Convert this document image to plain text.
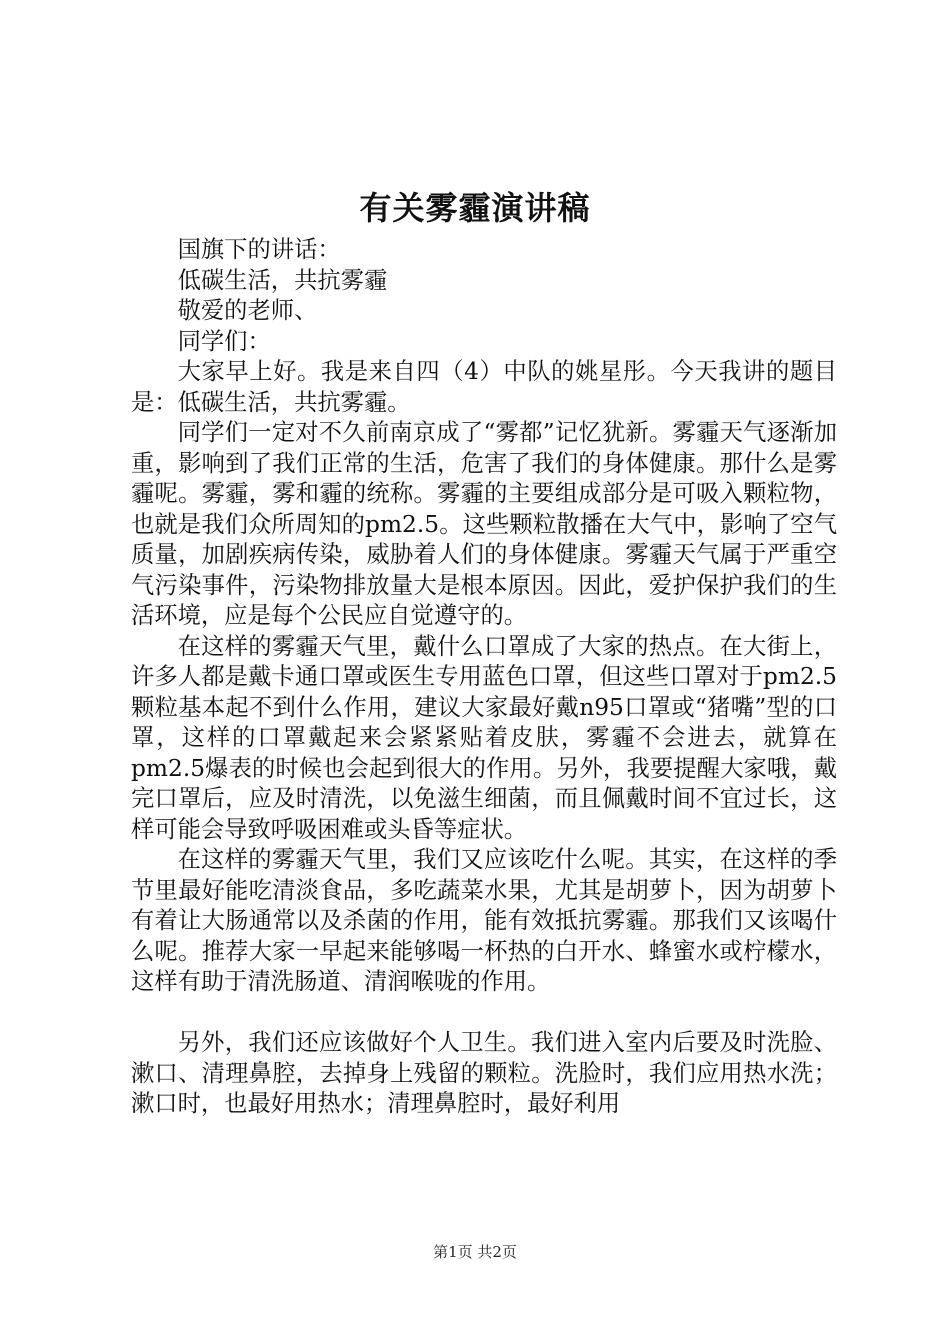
有关雾霾演讲稿

国旗下的讲话：

低碳生活，共抗雾霾

敬爱的老师、

同学们：

大家早上好。我是来自四（4）中队的姚星彤。今天我讲的题目是：低碳生活，共抗雾霾。

同学们一定对不久前南京成了“雾都”记忆犹新。雾霾天气逐渐加重，影响到了我们正常的生活，危害了我们的身体健康。那什么是雾霾呢。雾霾，雾和霾的统称。雾霾的主要组成部分是可吸入颗粒物，也就是我们众所周知的pm2.5。这些颗粒散播在大气中，影响了空气质量，加剧疾病传染，威胁着人们的身体健康。雾霾天气属于严重空气污染事件，污染物排放量大是根本原因。因此，爱护保护我们的生活环境，应是每个公民应自觉遵守的。

在这样的雾霾天气里，戴什么口罩成了大家的热点。在大街上，许多人都是戴卡通口罩或医生专用蓝色口罩，但这些口罩对于pm2.5颗粒基本起不到什么作用，建议大家最好戴n95口罩或“猪嘴”型的口罩，这样的口罩戴起来会紧紧贴着皮肤，雾霾不会进去，就算在pm2.5爆表的时候也会起到很大的作用。另外，我要提醒大家哦，戴完口罩后，应及时清洗，以免滋生细菌，而且佩戴时间不宜过长，这样可能会导致呼吸困难或头昏等症状。

在这样的雾霾天气里，我们又应该吃什么呢。其实，在这样的季节里最好能吃清淡食品，多吃蔬菜水果，尤其是胡萝卜，因为胡萝卜有着让大肠通常以及杀菌的作用，能有效抵抗雾霾。那我们又该喝什么呢。推荐大家一早起来能够喝一杯热的白开水、蜂蜜水或柠檬水，这样有助于清洗肠道、清润喉咙的作用。

另外，我们还应该做好个人卫生。我们进入室内后要及时洗脸、漱口、清理鼻腔，去掉身上残留的颗粒。洗脸时，我们应用热水洗；漱口时，也最好用热水；清理鼻腔时，最好利用

第1页 共2页
